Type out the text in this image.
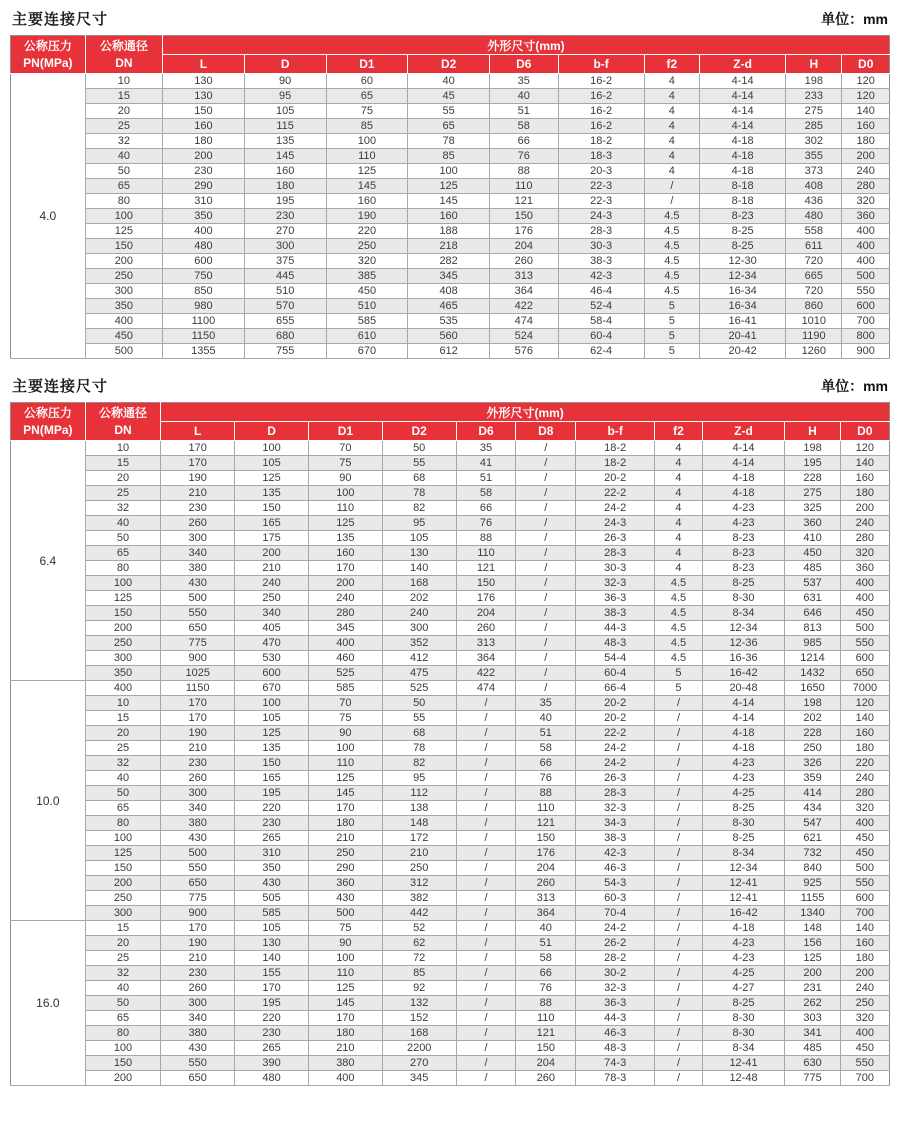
主要连接尺寸	单位：mm
公称压力
PN(MPa)

公称通径
DN
	外形尺寸(mm)
		L	D	D1	D2	D6	b-f	f2	Z-d	H	D0
4.0	10	130	90	60	40	35	16-2	4	4-14	198	120
	15	130	95	65	45	40	16-2	4	4-14	233	120
	20	150	105	75	55	51	16-2	4	4-14	275	140
	25	160	115	85	65	58	16-2	4	4-14	285	160
	32	180	135	100	78	66	18-2	4	4-18	302	180
	40	200	145	110	85	76	18-3	4	4-18	355	200
	50	230	160	125	100	88	20-3	4	4-18	373	240
	65	290	180	145	125	110	22-3	/	8-18	408	280
	80	310	195	160	145	121	22-3	/	8-18	436	320
	100	350	230	190	160	150	24-3	4.5	8-23	480	360
	125	400	270	220	188	176	28-3	4.5	8-25	558	400
	150	480	300	250	218	204	30-3	4.5	8-25	611	400
	200	600	375	320	282	260	38-3	4.5	12-30	720	400
	250	750	445	385	345	313	42-3	4.5	12-34	665	500
	300	850	510	450	408	364	46-4	4.5	16-34	720	550
	350	980	570	510	465	422	52-4	5	16-34	860	600
	400	1100	655	585	535	474	58-4	5	16-41	1010	700
	450	1150	680	610	560	524	60-4	5	20-41	1190	800
	500	1355	755	670	612	576	62-4	5	20-42	1260	900
主要连接尺寸	单位：mm
公称压力
PN(MPa)

公称通径
DN
	外形尺寸(mm)
		L	D	D1	D2	D6	D8	b-f	f2	Z-d	H	D0
6.4	10	170	100	70	50	35	/	18-2	4	4-14	198	120
	15	170	105	75	55	41	/	18-2	4	4-14	195	140
	20	190	125	90	68	51	/	20-2	4	4-18	228	160
	25	210	135	100	78	58	/	22-2	4	4-18	275	180
	32	230	150	110	82	66	/	24-2	4	4-23	325	200
	40	260	165	125	95	76	/	24-3	4	4-23	360	240
	50	300	175	135	105	88	/	26-3	4	8-23	410	280
	65	340	200	160	130	110	/	28-3	4	8-23	450	320
	80	380	210	170	140	121	/	30-3	4	8-23	485	360
	100	430	240	200	168	150	/	32-3	4.5	8-25	537	400
	125	500	250	240	202	176	/	36-3	4.5	8-30	631	400
	150	550	340	280	240	204	/	38-3	4.5	8-34	646	450
	200	650	405	345	300	260	/	44-3	4.5	12-34	813	500
	250	775	470	400	352	313	/	48-3	4.5	12-36	985	550
	300	900	530	460	412	364	/	54-4	4.5	16-36	1214	600
	350	1025	600	525	475	422	/	60-4	5	16-42	1432	650
10.0	400	1150	670	585	525	474	/	66-4	5	20-48	1650	7000
	10	170	100	70	50	/	35	20-2	/	4-14	198	120
	15	170	105	75	55	/	40	20-2	/	4-14	202	140
	20	190	125	90	68	/	51	22-2	/	4-18	228	160
	25	210	135	100	78	/	58	24-2	/	4-18	250	180
	32	230	150	110	82	/	66	24-2	/	4-23	326	220
	40	260	165	125	95	/	76	26-3	/	4-23	359	240
	50	300	195	145	112	/	88	28-3	/	4-25	414	280
	65	340	220	170	138	/	110	32-3	/	8-25	434	320
	80	380	230	180	148	/	121	34-3	/	8-30	547	400
	100	430	265	210	172	/	150	38-3	/	8-25	621	450
	125	500	310	250	210	/	176	42-3	/	8-34	732	450
	150	550	350	290	250	/	204	46-3	/	12-34	840	500
	200	650	430	360	312	/	260	54-3	/	12-41	925	550
	250	775	505	430	382	/	313	60-3	/	12-41	1155	600
	300	900	585	500	442	/	364	70-4	/	16-42	1340	700
16.0	15	170	105	75	52	/	40	24-2	/	4-18	148	140
	20	190	130	90	62	/	51	26-2	/	4-23	156	160
	25	210	140	100	72	/	58	28-2	/	4-23	125	180
	32	230	155	110	85	/	66	30-2	/	4-25	200	200
	40	260	170	125	92	/	76	32-3	/	4-27	231	240
	50	300	195	145	132	/	88	36-3	/	8-25	262	250
	65	340	220	170	152	/	110	44-3	/	8-30	303	320
	80	380	230	180	168	/	121	46-3	/	8-30	341	400
	100	430	265	210	2200	/	150	48-3	/	8-34	485	450
	150	550	390	380	270	/	204	74-3	/	12-41	630	550
	200	650	480	400	345	/	260	78-3	/	12-48	775	700
